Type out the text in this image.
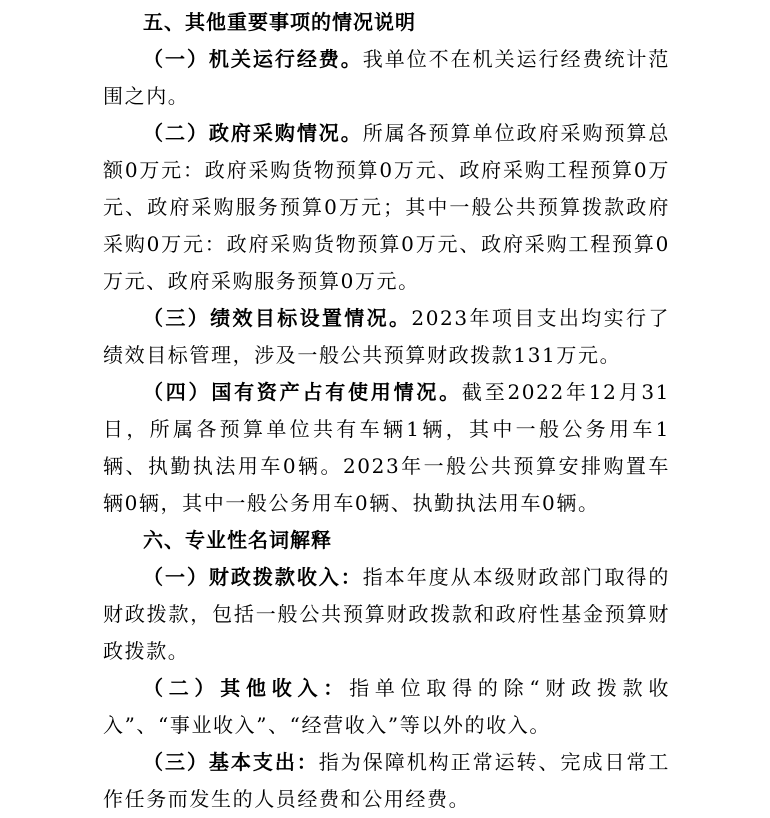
五、其他重要事项的情况说明

（一）机关运行经费。我单位不在机关运行经费统计范围之内。

（二）政府采购情况。所属各预算单位政府采购预算总额0万元：政府采购货物预算0万元、政府采购工程预算0万元、政府采购服务预算0万元；其中一般公共预算拨款政府采购0万元：政府采购货物预算0万元、政府采购工程预算0万元、政府采购服务预算0万元。

（三）绩效目标设置情况。2023年项目支出均实行了绩效目标管理，涉及一般公共预算财政拨款131万元。

（四）国有资产占有使用情况。截至2022年12月31日，所属各预算单位共有车辆1辆，其中一般公务用车1辆、执勤执法用车0辆。2023年一般公共预算安排购置车辆0辆，其中一般公务用车0辆、执勤执法用车0辆。

六、专业性名词解释

（一）财政拨款收入：指本年度从本级财政部门取得的财政拨款，包括一般公共预算财政拨款和政府性基金预算财政拨款。

（二）其他收入：指单位取得的除“财政拨款收入”、“事业收入”、“经营收入”等以外的收入。

（三）基本支出：指为保障机构正常运转、完成日常工作任务而发生的人员经费和公用经费。
